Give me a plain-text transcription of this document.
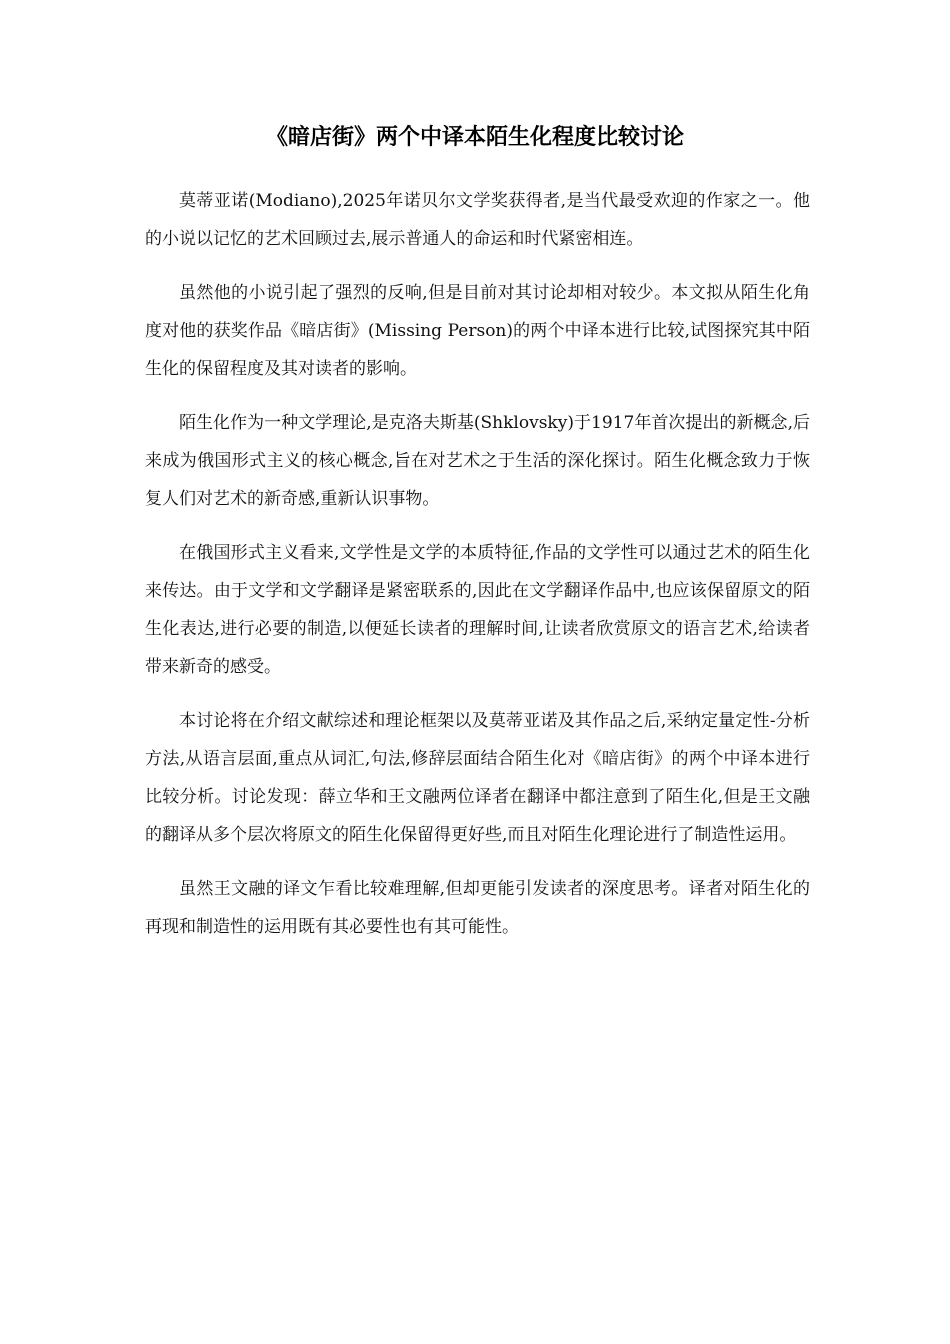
《暗店街》两个中译本陌生化程度比较讨论

莫蒂亚诺(Modiano),2025年诺贝尔文学奖获得者,是当代最受欢迎的作家之一。他的小说以记忆的艺术回顾过去,展示普通人的命运和时代紧密相连。

虽然他的小说引起了强烈的反响,但是目前对其讨论却相对较少。本文拟从陌生化角度对他的获奖作品《暗店街》(Missing Person)的两个中译本进行比较,试图探究其中陌生化的保留程度及其对读者的影响。

陌生化作为一种文学理论,是克洛夫斯基(Shklovsky)于1917年首次提出的新概念,后来成为俄国形式主义的核心概念,旨在对艺术之于生活的深化探讨。陌生化概念致力于恢复人们对艺术的新奇感,重新认识事物。

在俄国形式主义看来,文学性是文学的本质特征,作品的文学性可以通过艺术的陌生化来传达。由于文学和文学翻译是紧密联系的,因此在文学翻译作品中,也应该保留原文的陌生化表达,进行必要的制造,以便延长读者的理解时间,让读者欣赏原文的语言艺术,给读者带来新奇的感受。

本讨论将在介绍文献综述和理论框架以及莫蒂亚诺及其作品之后,采纳定量定性-分析方法,从语言层面,重点从词汇,句法,修辞层面结合陌生化对《暗店街》的两个中译本进行比较分析。讨论发现：薛立华和王文融两位译者在翻译中都注意到了陌生化,但是王文融的翻译从多个层次将原文的陌生化保留得更好些,而且对陌生化理论进行了制造性运用。

虽然王文融的译文乍看比较难理解,但却更能引发读者的深度思考。译者对陌生化的再现和制造性的运用既有其必要性也有其可能性。
